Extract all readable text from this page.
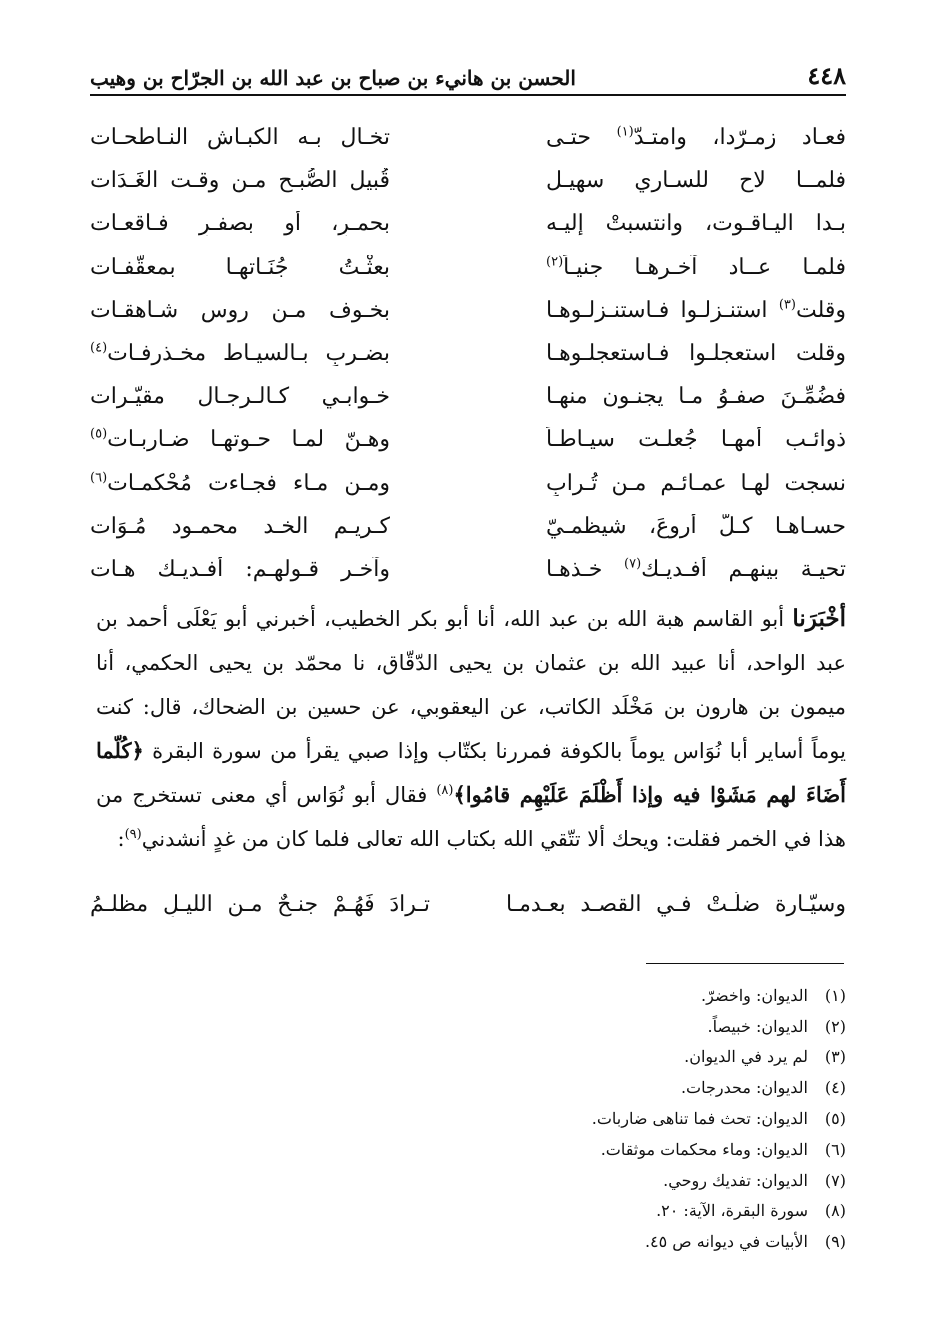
٤٤٨
الحسن بن هانيء بن صباح بن عبد الله بن الجرّاح بن وهيب
فعـاد زمـرّدا، وامتـدّ$^{(١)}$ حتـى
تخـال بـه الكبـاش النـاطحـات
فلمــا لاح للسـاري سهيـل
قُبيل الصُّبـح مـن وقـت الغَـدَات
بـدا اليـاقـوت، وانتسبتْ إليـه
بحمـرٍ، أو بصفـرٍ فـاقعـات
فلمـا عــاد آخـرهـا جنيـاً$^{(٢)}$
بعثْـتُ جُنَـاتهـا بمعقَّفـات
وقلت$^{(٣)}$ استنـزلـوا فـاستنـزلـوهـا
بخـوف مـن روس شـاهقـات
وقلت استعجلـوا فـاستعجلـوهـا
بضـربٍ بـالسيـاط مخـذرفـات$^{(٤)}$
فضُمِّـنَ صفـوُ مـا يجنـون منهـا
خـوابـي كـالـرجـال مقيّـرات
ذوائـب أمهـا جُعلـت سيـاطـاً
وهـنّ لمـا حـوتهـا ضـاربـات$^{(٥)}$
نسجت لهـا عمـائـم مـن تُـرابٍ
ومـن مـاء فجـاءت مُحْكمـات$^{(٦)}$
حسـاهـا كـلّ أروعَ، شيظمـيّ
كـريـم الخـد محمـود مُـوَات
تحيـة بينهـم أفـديـك$^{(٧)}$ خـذهـا
وآخـر قـولهـم: أفـديـك هـات
أخْبَرَنا أبو القاسم هبة الله بن عبد الله، أنا أبو بكر الخطيب، أخبرني أبو يَعْلَى أحمد بن عبد الواحد، أنا عبيد الله بن عثمان بن يحيى الدّقّاق، نا محمّد بن يحيى الحكمي، أنا ميمون بن هارون بن مَخْلَد الكاتب، عن اليعقوبي، عن حسين بن الضحاك، قال: كنت يوماً أساير أبا نُوَاس يوماً بالكوفة فمررنا بكتّاب وإذا صبي يقرأ من سورة البقرة ﴿كُلّما أَضَاءَ لهم مَشَوْا فيه وإذا أَظْلَمَ عَلَيْهِم قامُوا﴾$^{(٨)}$ فقال أبو نُوَاس أي معنى تستخرج من هذا في الخمر فقلت: ويحك ألا تتّقي الله بكتاب الله تعالى فلما كان من غدٍ أنشدني$^{(٩)}$:
وسيّـارة ضلّـتْ فـي القصـد بعـدمـا
تـرادَ فَهُـمْ جنـحٌ مـن الليـلِ مظلـمُ
(١)
الديوان: واخضرّ.
(٢)
الديوان: خبيصاً.
(٣)
لم يرد في الديوان.
(٤)
الديوان: محدرجات.
(٥)
الديوان: تحث فما تناهى ضاربات.
(٦)
الديوان: وماء محكمات موثقات.
(٧)
الديوان: تفديك روحي.
(٨)
سورة البقرة، الآية: ٢٠.
(٩)
الأبيات في ديوانه ص ٤٥.
